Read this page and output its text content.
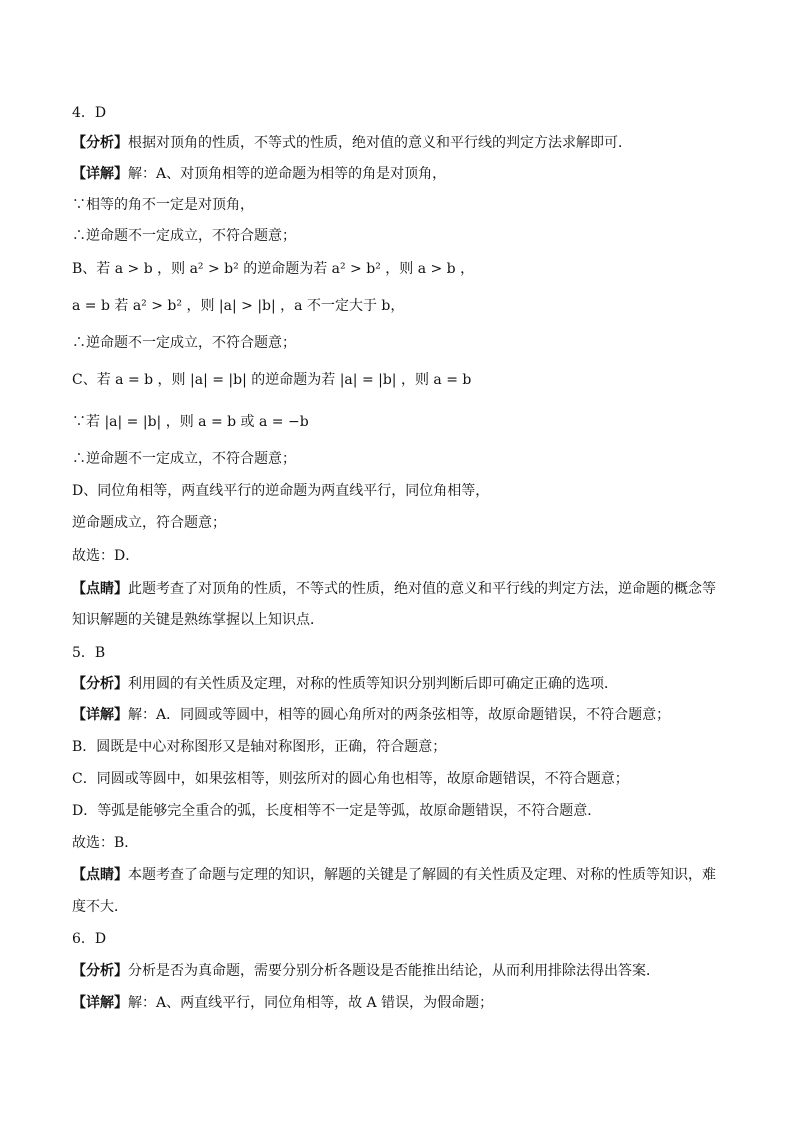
4．D
【分析】根据对顶角的性质，不等式的性质，绝对值的意义和平行线的判定方法求解即可．
【详解】解：A、对顶角相等的逆命题为相等的角是对顶角，
∵相等的角不一定是对顶角，
∴逆命题不一定成立，不符合题意；
B、若 a > b ，则 a² > b² 的逆命题为若 a² > b² ，则 a > b ，
a = b 若 a² > b² ，则 |a| > |b| ，a 不一定大于 b，
∴逆命题不一定成立，不符合题意；
C、若 a = b ，则 |a| = |b| 的逆命题为若 |a| = |b| ，则 a = b
∵若 |a| = |b| ，则 a = b 或 a = −b
∴逆命题不一定成立，不符合题意；
D、同位角相等，两直线平行的逆命题为两直线平行，同位角相等，
逆命题成立，符合题意；
故选：D．
【点睛】此题考查了对顶角的性质，不等式的性质，绝对值的意义和平行线的判定方法，逆命题的概念等
知识解题的关键是熟练掌握以上知识点．
5．B
【分析】利用圆的有关性质及定理，对称的性质等知识分别判断后即可确定正确的选项．
【详解】解：A．同圆或等圆中，相等的圆心角所对的两条弦相等，故原命题错误，不符合题意；
B．圆既是中心对称图形又是轴对称图形，正确，符合题意；
C．同圆或等圆中，如果弦相等，则弦所对的圆心角也相等，故原命题错误，不符合题意；
D．等弧是能够完全重合的弧，长度相等不一定是等弧，故原命题错误，不符合题意．
故选：B．
【点睛】本题考查了命题与定理的知识，解题的关键是了解圆的有关性质及定理、对称的性质等知识，难
度不大．
6．D
【分析】分析是否为真命题，需要分别分析各题设是否能推出结论，从而利用排除法得出答案．
【详解】解：A、两直线平行，同位角相等，故 A 错误，为假命题；
